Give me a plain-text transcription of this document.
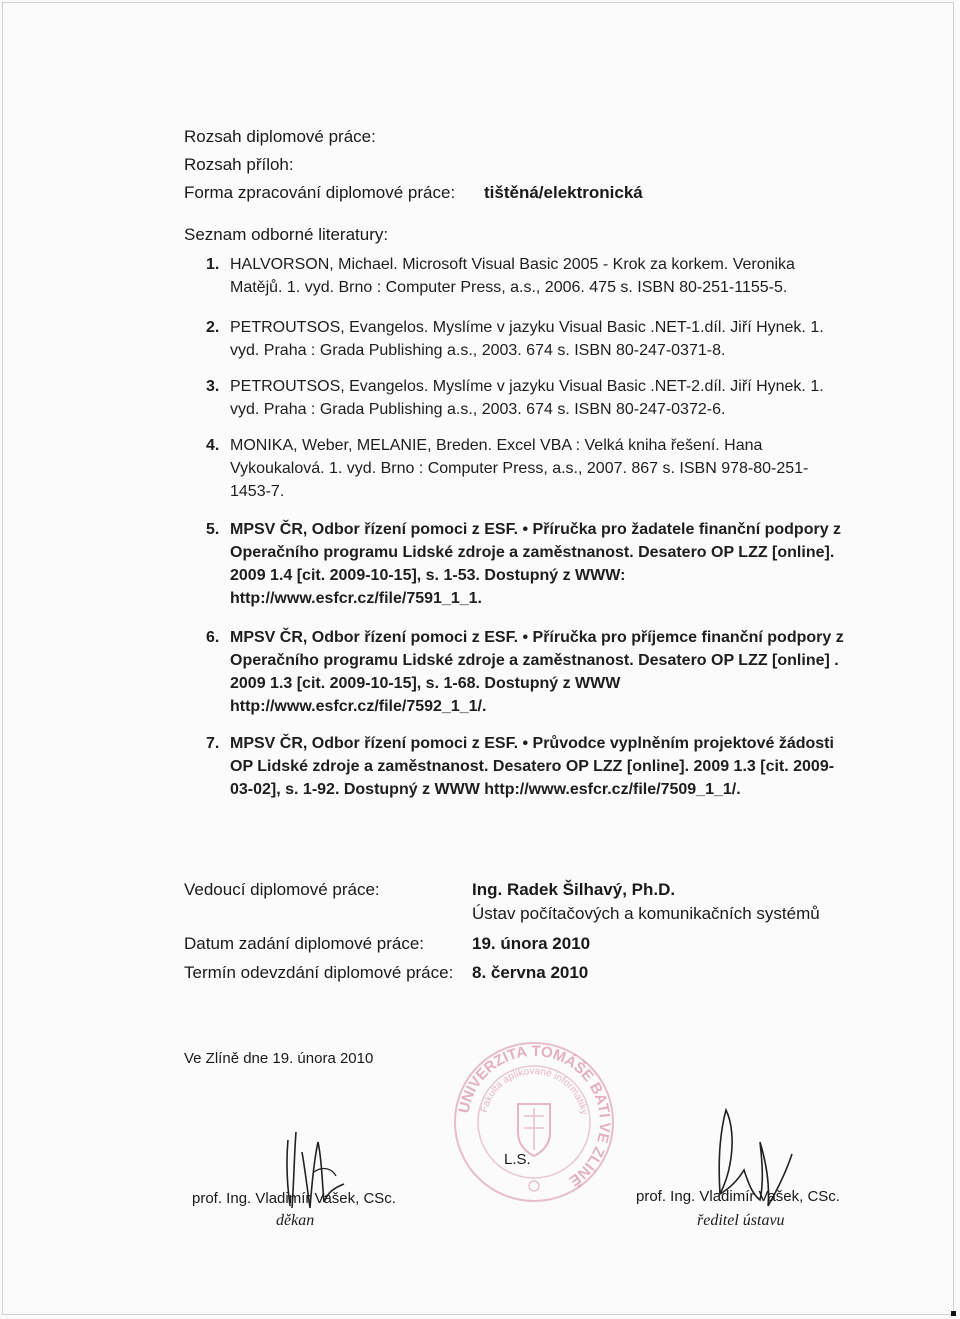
Rozsah diplomové práce:
Rozsah příloh:
Forma zpracování diplomové práce: tištěná/elektronická
Seznam odborné literatury:
1. HALVORSON, Michael. Microsoft Visual Basic 2005 - Krok za korkem. Veronika Matějů. 1. vyd. Brno : Computer Press, a.s., 2006. 475 s. ISBN 80-251-1155-5.
2. PETROUTSOS, Evangelos. Myslíme v jazyku Visual Basic .NET-1.díl. Jiří Hynek. 1. vyd. Praha : Grada Publishing a.s., 2003. 674 s. ISBN 80-247-0371-8.
3. PETROUTSOS, Evangelos. Myslíme v jazyku Visual Basic .NET-2.díl. Jiří Hynek. 1. vyd. Praha : Grada Publishing a.s., 2003. 674 s. ISBN 80-247-0372-6.
4. MONIKA, Weber, MELANIE, Breden. Excel VBA : Velká kniha řešení. Hana Vykoukalová. 1. vyd. Brno : Computer Press, a.s., 2007. 867 s. ISBN 978-80-251-1453-7.
5. MPSV ČR, Odbor řízení pomoci z ESF. • Příručka pro žadatele finanční podpory z Operačního programu Lidské zdroje a zaměstnanost. Desatero OP LZZ [online]. 2009 1.4 [cit. 2009-10-15], s. 1-53. Dostupný z WWW: http://www.esfcr.cz/file/7591_1_1.
6. MPSV ČR, Odbor řízení pomoci z ESF. • Příručka pro příjemce finanční podpory z Operačního programu Lidské zdroje a zaměstnanost. Desatero OP LZZ [online] . 2009 1.3 [cit. 2009-10-15], s. 1-68. Dostupný z WWW http://www.esfcr.cz/file/7592_1_1/.
7. MPSV ČR, Odbor řízení pomoci z ESF. • Průvodce vyplněním projektové žádosti OP Lidské zdroje a zaměstnanost. Desatero OP LZZ [online]. 2009 1.3 [cit. 2009-03-02], s. 1-92. Dostupný z WWW http://www.esfcr.cz/file/7509_1_1/.
Vedoucí diplomové práce:	Ing. Radek Šilhavý, Ph.D.
Ústav počítačových a komunikačních systémů
Datum zadání diplomové práce:	19. února 2010
Termín odevzdání diplomové práce: 8. června 2010
Ve Zlíně dne 19. února 2010
UNIVERZITA TOMÁŠE BATI VE ZLÍNĚ
Fakulta aplikované informatiky
L.S.
prof. Ing. Vladimír Vašek, CSc.
děkan
prof. Ing. Vladimír Vašek, CSc.
ředitel ústavu
